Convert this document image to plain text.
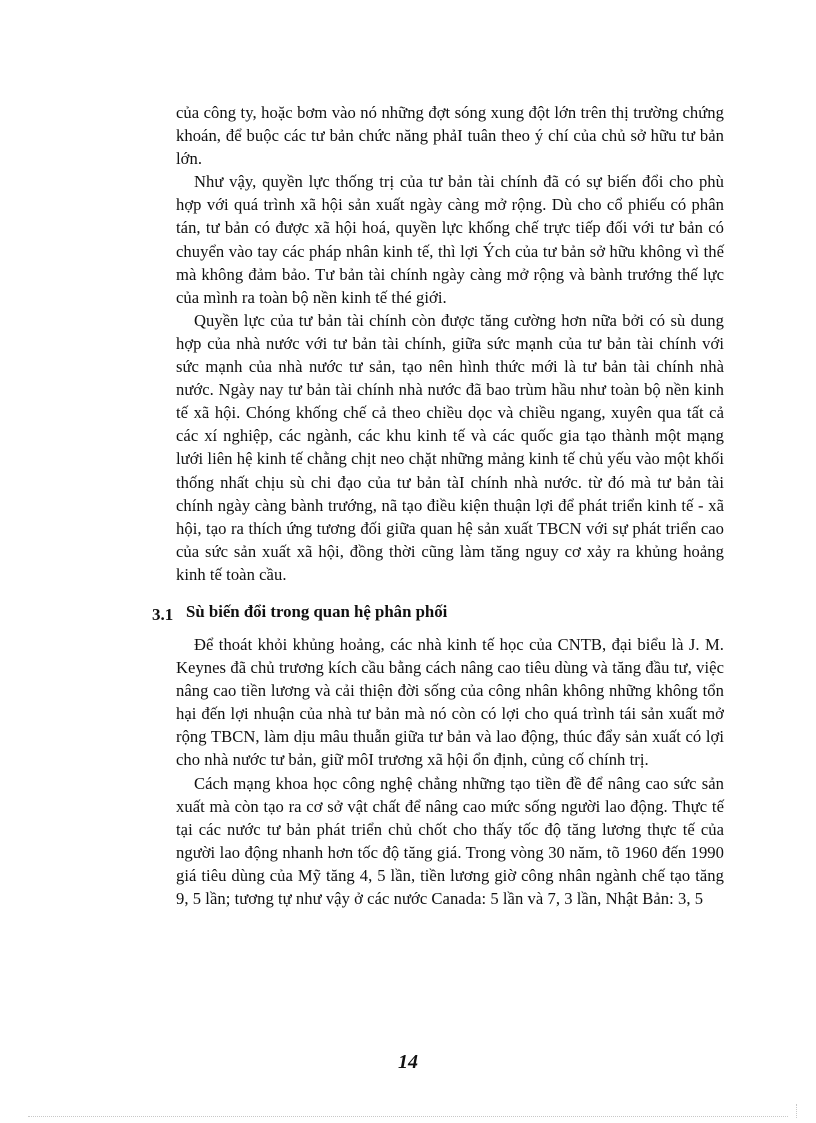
của công ty, hoặc bơm vào nó những đợt sóng xung đột lớn trên thị trường chứng khoán, để buộc các tư bản chức năng phảI tuân theo ý chí của chủ sở hữu tư bản lớn.

Như vậy, quyền lực thống trị của tư bản tài chính đã có sự biến đổi cho phù hợp với quá trình xã hội sản xuất ngày càng mở rộng. Dù cho cổ phiếu có phân tán, tư bản có được xã hội hoá, quyền lực khống chế trực tiếp đối với tư bản có chuyển vào tay các pháp nhân kinh tế, thì lợi Ých của tư bản sở hữu không vì thế mà không đảm bảo. Tư bản tài chính ngày càng mở rộng và bành trướng thế lực của mình ra toàn bộ nền kinh tế thé giới.

Quyền lực của tư bản tài chính còn được tăng cường hơn nữa bởi có sù dung hợp của nhà nước với tư bản tài chính, giữa sức mạnh của tư bản tài chính với sức mạnh của nhà nước tư sản, tạo nên hình thức mới là tư bản tài chính nhà nước. Ngày nay tư bản tài chính nhà nước đã bao trùm hầu như toàn bộ nền kinh tế xã hội. Chóng khống chế cả theo chiều dọc và chiều ngang, xuyên qua tất cả các xí nghiệp, các ngành, các khu kinh tế và các quốc gia tạo thành một mạng lưới liên hệ kinh tế chằng chịt neo chặt những mảng kinh tế chủ yếu vào một khối thống nhất chịu sù chi đạo của tư bản tàI chính nhà nước. từ đó mà tư bản tài chính ngày càng bành trướng, nã tạo điều kiện thuận lợi để phát triển kinh tế - xã hội, tạo ra thích ứng tương đối giữa quan hệ sản xuất TBCN với sự phát triển cao của sức sản xuất xã hội, đồng thời cũng làm tăng nguy cơ xảy ra khủng hoảng kinh tế toàn cầu.

3.1 Sù biến đổi trong quan hệ phân phối

Để thoát khỏi khủng hoảng, các nhà kinh tế học của CNTB, đại biểu là J. M. Keynes đã chủ trương kích cầu bằng cách nâng cao tiêu dùng và tăng đầu tư, việc nâng cao tiền lương và cải thiện đời sống của công nhân không những không tổn hại đến lợi nhuận của nhà tư bản mà nó còn có lợi cho quá trình tái sản xuất mở rộng TBCN, làm dịu mâu thuẫn giữa tư bản và lao động, thúc đẩy sản xuất có lợi cho nhà nước tư bản, giữ môI trương xã hội ổn định, củng cố chính trị.

Cách mạng khoa học công nghệ chẳng những tạo tiền đề để nâng cao sức sản xuất mà còn tạo ra cơ sở vật chất để nâng cao mức sống người lao động. Thực tế tại các nước tư bản phát triển chủ chốt cho thấy tốc độ tăng lương thực tế của người lao động nhanh hơn tốc độ tăng giá. Trong vòng 30 năm, tõ 1960 đến 1990 giá tiêu dùng của Mỹ tăng 4, 5 lần, tiền lương giờ công nhân ngành chế tạo tăng 9, 5 lần; tương tự như vậy ở các nước Canada: 5 lần và 7, 3 lần, Nhật Bản: 3, 5

14
